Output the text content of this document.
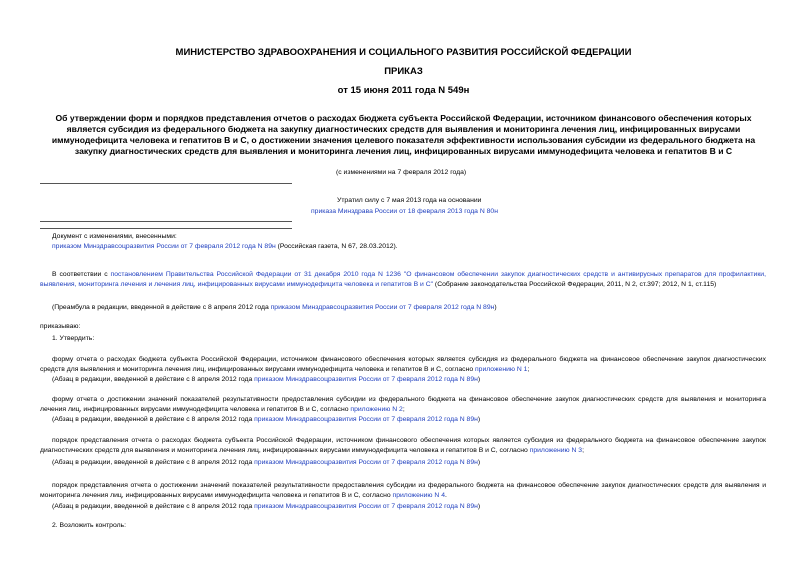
МИНИСТЕРСТВО ЗДРАВООХРАНЕНИЯ И СОЦИАЛЬНОГО РАЗВИТИЯ РОССИЙСКОЙ ФЕДЕРАЦИИ
ПРИКАЗ
от 15 июня 2011 года N 549н
Об утверждении форм и порядков представления отчетов о расходах бюджета субъекта Российской Федерации, источником финансового обеспечения которых
является субсидия из федерального бюджета на закупку диагностических средств для выявления и мониторинга лечения лиц, инфицированных вирусами
иммунодефицита человека и гепатитов В и С, о достижении значения целевого показателя эффективности использования субсидии из федерального бюджета на
закупку диагностических средств для выявления и мониторинга лечения лиц, инфицированных вирусами иммунодефицита человека и гепатитов В и С
(с изменениями на 7 февраля 2012 года)
Утратил силу с 7 мая 2013 года на основании
приказа Минздрава России от 18 февраля 2013 года N 80н
Документ с изменениями, внесенными:
приказом Минздравсоцразвития России от 7 февраля 2012 года N 89н (Российская газета, N 67, 28.03.2012).
В соответствии с постановлением Правительства Российской Федерации от 31 декабря 2010 года N 1236 "О финансовом обеспечении закупок диагностических средств и антивирусных препаратов для профилактики, выявления, мониторинга лечения и лечения лиц, инфицированных вирусами иммунодефицита человека и гепатитов В и С" (Собрание законодательства Российской Федерации, 2011, N 2, ст.397; 2012, N 1, ст.115)
(Преамбула в редакции, введенной в действие с 8 апреля 2012 года приказом Минздравсоцразвития России от 7 февраля 2012 года N 89н)
приказываю:
1. Утвердить:
форму отчета о расходах бюджета субъекта Российской Федерации, источником финансового обеспечения которых является субсидия из федерального бюджета на финансовое обеспечение закупок диагностических средств для выявления и мониторинга лечения лиц, инфицированных вирусами иммунодефицита человека и гепатитов В и С, согласно приложению N 1;
(Абзац в редакции, введенной в действие с 8 апреля 2012 года приказом Минздравсоцразвития России от 7 февраля 2012 года N 89н)
форму отчета о достижении значений показателей результативности предоставления субсидии из федерального бюджета на финансовое обеспечение закупок диагностических средств для выявления и мониторинга лечения лиц, инфицированных вирусами иммунодефицита человека и гепатитов В и С, согласно приложению N 2;
(Абзац в редакции, введенной в действие с 8 апреля 2012 года приказом Минздравсоцразвития России от 7 февраля 2012 года N 89н)
порядок представления отчета о расходах бюджета субъекта Российской Федерации, источником финансового обеспечения которых является субсидия из федерального бюджета на финансовое обеспечение закупок диагностических средств для выявления и мониторинга лечения лиц, инфицированных вирусами иммунодефицита человека и гепатитов В и С, согласно приложению N 3;
(Абзац в редакции, введенной в действие с 8 апреля 2012 года приказом Минздравсоцразвития России от 7 февраля 2012 года N 89н)
порядок представления отчета о достижении значений показателей результативности предоставления субсидии из федерального бюджета на финансовое обеспечение закупок диагностических средств для выявления и мониторинга лечения лиц, инфицированных вирусами иммунодефицита человека и гепатитов В и С, согласно приложению N 4.
(Абзац в редакции, введенной в действие с 8 апреля 2012 года приказом Минздравсоцразвития России от 7 февраля 2012 года N 89н)
2. Возложить контроль:
